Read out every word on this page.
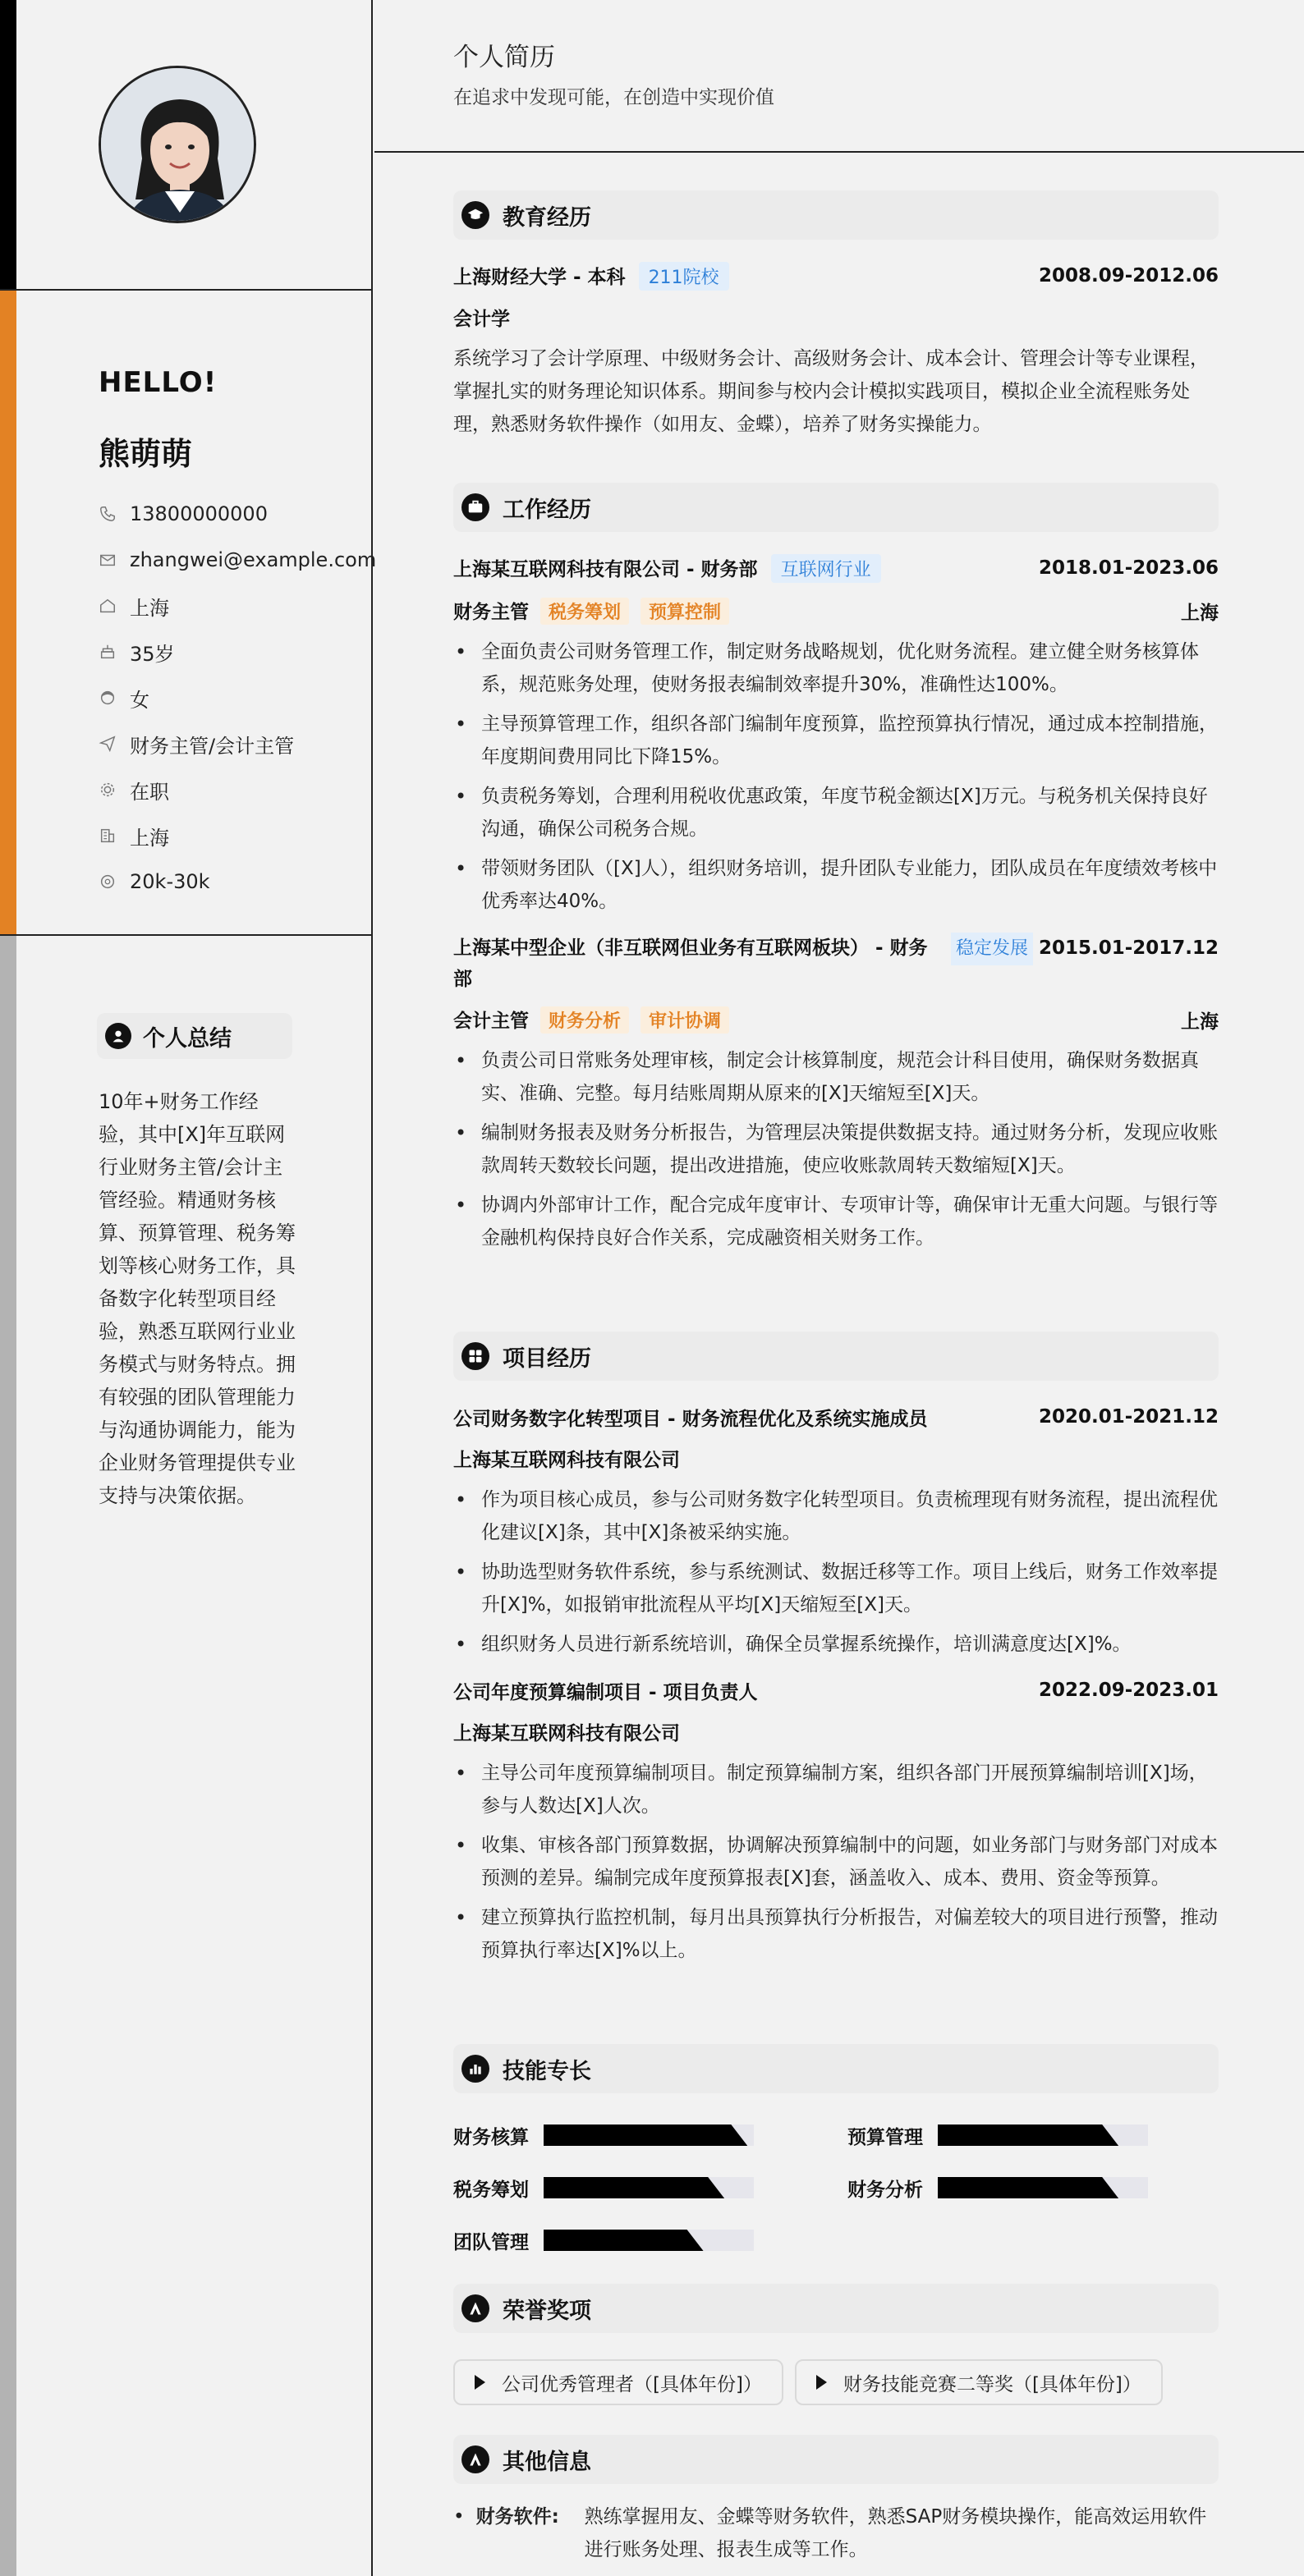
HELLO!
熊萌萌
13800000000
zhangwei@example.com
上海
35岁
女
财务主管/会计主管
在职
上海
20k-30k
个人总结
10年+财务工作经验，其中[X]年互联网行业财务主管/会计主管经验。精通财务核算、预算管理、税务筹划等核心财务工作，具备数字化转型项目经验，熟悉互联网行业业务模式与财务特点。拥有较强的团队管理能力与沟通协调能力，能为企业财务管理提供专业支持与决策依据。
个人简历
在追求中发现可能，在创造中实现价值
教育经历
上海财经大学 - 本科 211院校	2008.09-2012.06
会计学
系统学习了会计学原理、中级财务会计、高级财务会计、成本会计、管理会计等专业课程，掌握扎实的财务理论知识体系。期间参与校内会计模拟实践项目，模拟企业全流程账务处理，熟悉财务软件操作（如用友、金蝶），培养了财务实操能力。
工作经历
上海某互联网科技有限公司 - 财务部 互联网行业	2018.01-2023.06
财务主管 税务筹划 预算控制	上海
• 全面负责公司财务管理工作，制定财务战略规划，优化财务流程。建立健全财务核算体系，规范账务处理，使财务报表编制效率提升30%，准确性达100%。
• 主导预算管理工作，组织各部门编制年度预算，监控预算执行情况，通过成本控制措施，年度期间费用同比下降15%。
• 负责税务筹划，合理利用税收优惠政策，年度节税金额达[X]万元。与税务机关保持良好沟通，确保公司税务合规。
• 带领财务团队（[X]人），组织财务培训，提升团队专业能力，团队成员在年度绩效考核中优秀率达40%。
上海某中型企业（非互联网但业务有互联网板块） - 财务部
稳定发展 2015.01-2017.12
会计主管 财务分析 审计协调	上海
• 负责公司日常账务处理审核，制定会计核算制度，规范会计科目使用，确保财务数据真实、准确、完整。每月结账周期从原来的[X]天缩短至[X]天。
• 编制财务报表及财务分析报告，为管理层决策提供数据支持。通过财务分析，发现应收账款周转天数较长问题，提出改进措施，使应收账款周转天数缩短[X]天。
• 协调内外部审计工作，配合完成年度审计、专项审计等，确保审计无重大问题。与银行等金融机构保持良好合作关系，完成融资相关财务工作。
项目经历
公司财务数字化转型项目 - 财务流程优化及系统实施成员	2020.01-2021.12
上海某互联网科技有限公司
• 作为项目核心成员，参与公司财务数字化转型项目。负责梳理现有财务流程，提出流程优化建议[X]条，其中[X]条被采纳实施。
• 协助选型财务软件系统，参与系统测试、数据迁移等工作。项目上线后，财务工作效率提升[X]%，如报销审批流程从平均[X]天缩短至[X]天。
• 组织财务人员进行新系统培训，确保全员掌握系统操作，培训满意度达[X]%。
公司年度预算编制项目 - 项目负责人	2022.09-2023.01
上海某互联网科技有限公司
• 主导公司年度预算编制项目。制定预算编制方案，组织各部门开展预算编制培训[X]场，参与人数达[X]人次。
• 收集、审核各部门预算数据，协调解决预算编制中的问题，如业务部门与财务部门对成本预测的差异。编制完成年度预算报表[X]套，涵盖收入、成本、费用、资金等预算。
• 建立预算执行监控机制，每月出具预算执行分析报告，对偏差较大的项目进行预警，推动预算执行率达[X]%以上。
技能专长
财务核算	预算管理
税务筹划	财务分析
团队管理
荣誉奖项
公司优秀管理者（[具体年份]）	财务技能竞赛二等奖（[具体年份]）
其他信息
• 财务软件:	熟练掌握用友、金蝶等财务软件，熟悉SAP财务模块操作，能高效运用软件进行账务处理、报表生成等工作。
